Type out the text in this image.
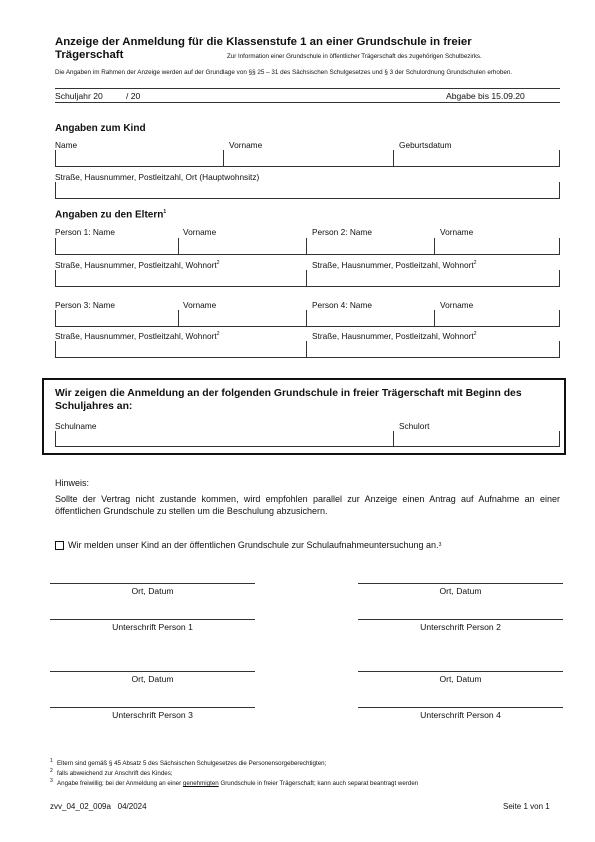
Anzeige der Anmeldung für die Klassenstufe 1 an einer Grundschule in freier
Trägerschaft	Zur Information einer Grundschule in öffentlicher Trägerschaft des zugehörigen Schulbezirks.
Die Angaben im Rahmen der Anzeige werden auf der Grundlage von §§ 25 – 31 des Sächsischen Schulgesetzes und § 3 der Schulordnung Grundschulen erhoben.
Schuljahr 20	/ 20	Abgabe bis 15.09.20
Angaben zum Kind
Name	Vorname	Geburtsdatum
Straße, Hausnummer, Postleitzahl, Ort (Hauptwohnsitz)
Angaben zu den Eltern$^1$
Person 1: Name	Vorname	Person 2: Name	Vorname
Straße, Hausnummer, Postleitzahl, Wohnort$^2$	Straße, Hausnummer, Postleitzahl, Wohnort$^2$
Person 3: Name	Vorname	Person 4: Name	Vorname
Straße, Hausnummer, Postleitzahl, Wohnort$^2$	Straße, Hausnummer, Postleitzahl, Wohnort$^2$
Wir zeigen die Anmeldung an der folgenden Grundschule in freier Trägerschaft mit Beginn des Schuljahres an:
Schulname	Schulort
Hinweis:
Sollte der Vertrag nicht zustande kommen, wird empfohlen parallel zur Anzeige einen Antrag auf Aufnahme an einer öffentlichen Grundschule zu stellen um die Beschulung abzusichern.
Wir melden unser Kind an der öffentlichen Grundschule zur Schulaufnahmeuntersuchung an. 3
Ort, Datum	Ort, Datum
Unterschrift Person 1	Unterschrift Person 2
Ort, Datum	Ort, Datum
Unterschrift Person 3	Unterschrift Person 4
1 Eltern sind gemäß § 45 Absatz 5 des Sächsischen Schulgesetzes die Personensorgeberechtigten;
2 falls abweichend zur Anschrift des Kindes;
3 Angabe freiwillig; bei der Anmeldung an einer genehmigten Grundschule in freier Trägerschaft; kann auch separat beantragt werden
zvv_04_02_009a 04/2024	Seite 1 von 1
